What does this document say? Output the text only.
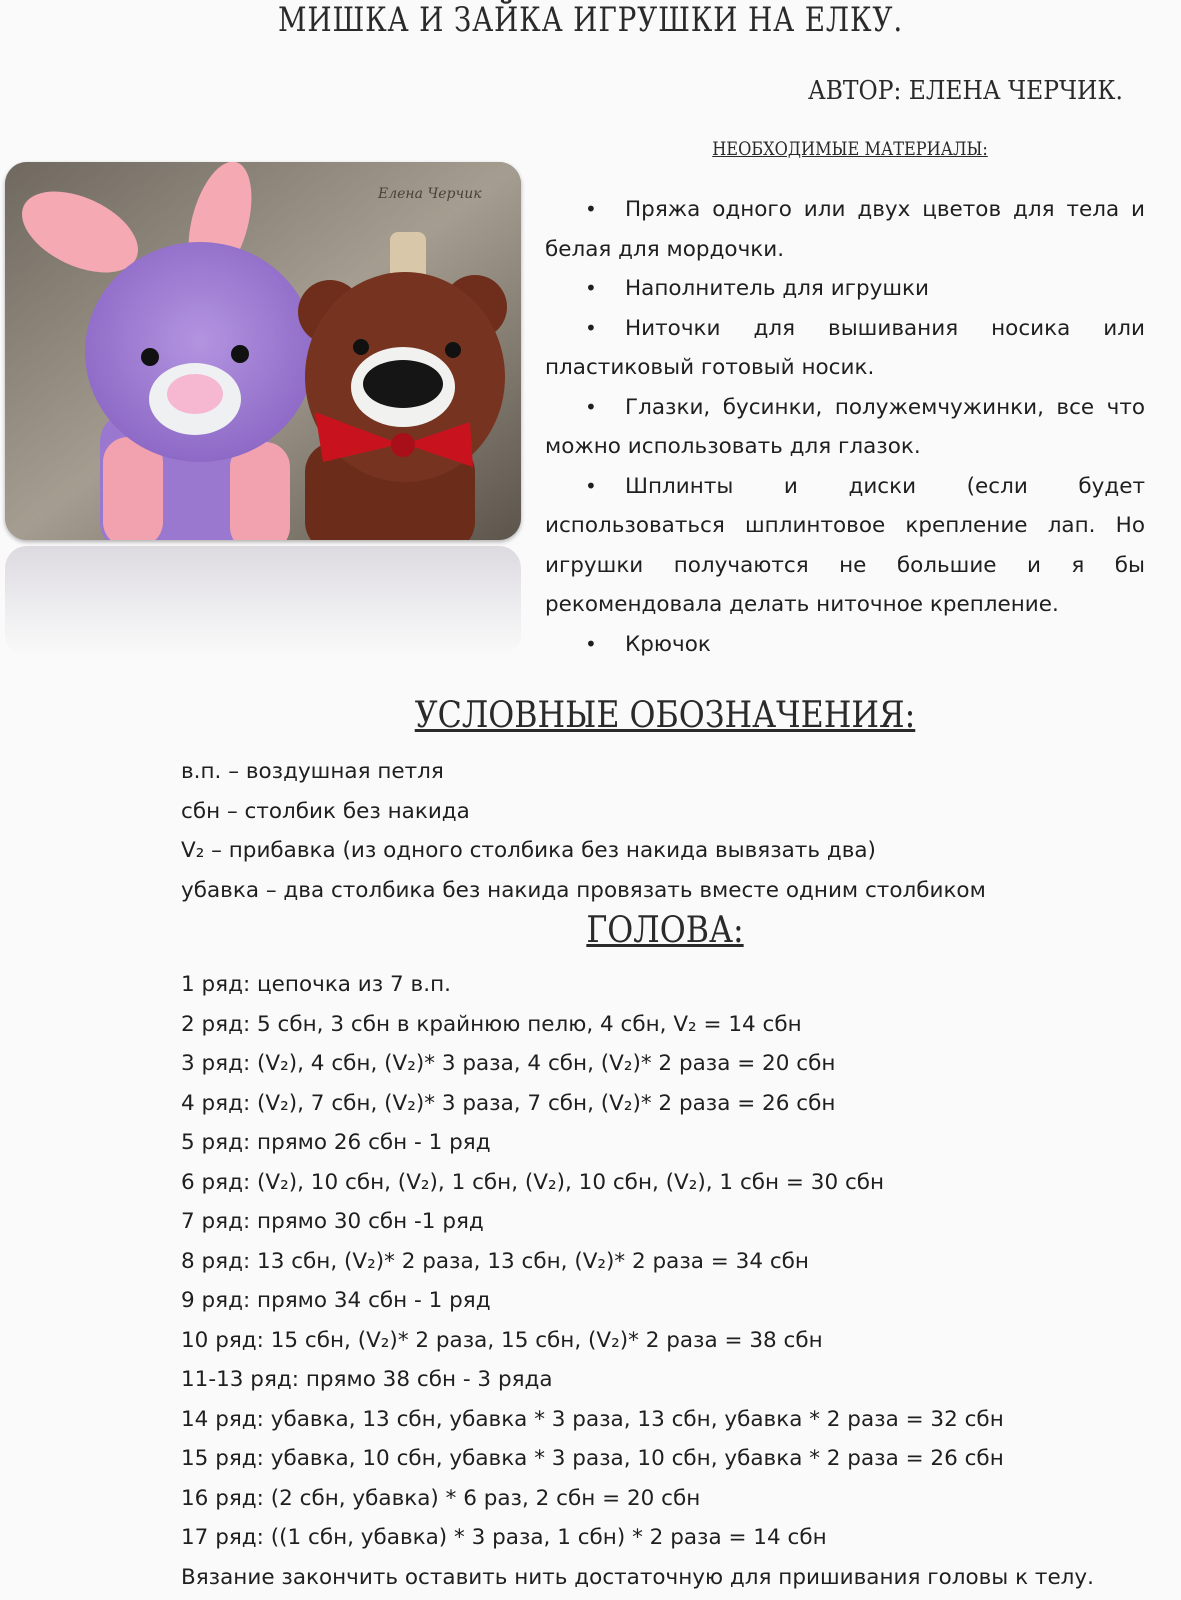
МИШКА И ЗАЙКА ИГРУШКИ НА ЕЛКУ.
АВТОР: ЕЛЕНА ЧЕРЧИК.
НЕОБХОДИМЫЕ МАТЕРИАЛЫ:
Елена Черчик
• Пряжа одного или двух цветов для тела и белая для мордочки.
• Наполнитель для игрушки
• Ниточки для вышивания носика или пластиковый готовый носик.
• Глазки, бусинки, полужемчужинки, все что можно использовать для глазок.
• Шплинты и диски (если будет использоваться шплинтовое крепление лап. Но игрушки получаются не большие и я бы рекомендовала делать ниточное крепление.
• Крючок
УСЛОВНЫЕ ОБОЗНАЧЕНИЯ:
в.п. – воздушная петля
сбн – столбик без накида
V₂ – прибавка (из одного столбика без накида вывязать два)
убавка – два столбика без накида провязать вместе одним столбиком
ГОЛОВА:
1 ряд: цепочка из 7 в.п.
2 ряд: 5 сбн, 3 сбн в крайнюю пелю, 4 сбн, V₂ = 14 сбн
3 ряд: (V₂), 4 сбн, (V₂)* 3 раза, 4 сбн, (V₂)* 2 раза = 20 сбн
4 ряд: (V₂), 7 сбн, (V₂)* 3 раза, 7 сбн, (V₂)* 2 раза = 26 сбн
5 ряд: прямо 26 сбн - 1 ряд
6 ряд: (V₂), 10 сбн, (V₂), 1 сбн, (V₂), 10 сбн, (V₂), 1 сбн = 30 сбн
7 ряд: прямо 30 сбн -1 ряд
8 ряд: 13 сбн, (V₂)* 2 раза, 13 сбн, (V₂)* 2 раза = 34 сбн
9 ряд: прямо 34 сбн - 1 ряд
10 ряд: 15 сбн, (V₂)* 2 раза, 15 сбн, (V₂)* 2 раза = 38 сбн
11-13 ряд: прямо 38 сбн - 3 ряда
14 ряд: убавка, 13 сбн, убавка * 3 раза, 13 сбн, убавка * 2 раза = 32 сбн
15 ряд: убавка, 10 сбн, убавка * 3 раза, 10 сбн, убавка * 2 раза = 26 сбн
16 ряд: (2 сбн, убавка) * 6 раз, 2 сбн = 20 сбн
17 ряд: ((1 сбн, убавка) * 3 раза, 1 сбн) * 2 раза = 14 сбн
Вязание закончить оставить нить достаточную для пришивания головы к телу.
